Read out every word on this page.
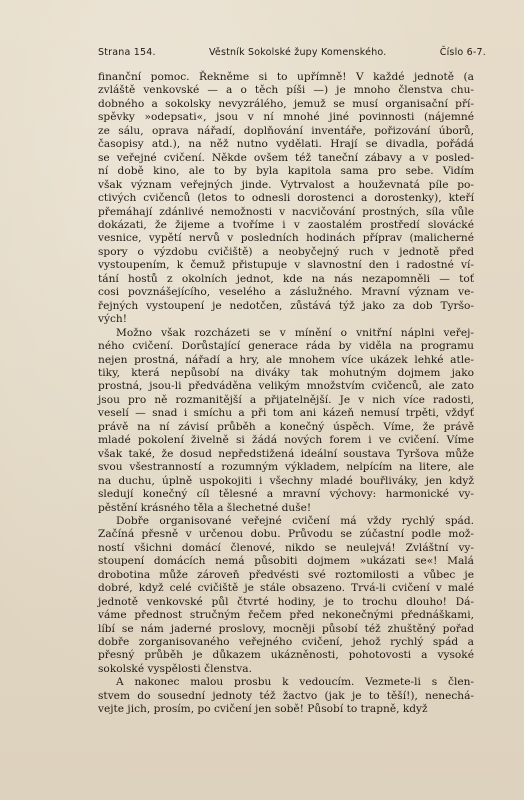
Strana 154.	Věstník Sokolské župy Komenského.	Číslo 6-7.

finanční pomoc. Řekněme si to upřímně! V každé jednotě (a
zvláště venkovské — a o těch píši —) je mnoho členstva chu-
dobného a sokolsky nevyzrálého, jemuž se musí organisační pří-
spěvky »odepsati«, jsou v ní mnohé jiné povinnosti (nájemné
ze sálu, oprava nářadí, doplňování inventáře, pořizování úborů,
časopisy atd.), na něž nutno vydělati. Hrají se divadla, pořádá
se veřejné cvičení. Někde ovšem též taneční zábavy a v posled-
ní době kino, ale to by byla kapitola sama pro sebe. Vidím
však význam veřejných jinde. Vytrvalost a houževnatá píle po-
ctivých cvičenců (letos to odnesli dorostenci a dorostenky), kteří
přemáhají zdánlivé nemožnosti v nacvičování prostných, síla vůle
dokázati, že žijeme a tvoříme i v zaostalém prostředí slovácké
vesnice, vypětí nervů v posledních hodinách příprav (malicherné
spory o výzdobu cvičiště) a neobyčejný ruch v jednotě před
vystoupením, k čemuž přistupuje v slavnostní den i radostné ví-
tání hostů z okolních jednot, kde na nás nezapomněli — toť
cosi povznášejícího, veselého a záslužného. Mravní význam ve-
řejných vystoupení je nedotčen, zůstává týž jako za dob Tyršo-
vých!

Možno však rozcházeti se v mínění o vnitřní náplni veřej-
ného cvičení. Dorůstající generace ráda by viděla na programu
nejen prostná, nářadí a hry, ale mnohem více ukázek lehké atle-
tiky, která nepůsobí na diváky tak mohutným dojmem jako
prostná, jsou-li předváděna velikým množstvím cvičenců, ale zato
jsou pro ně rozmanitější a přijatelnější. Je v nich více radosti,
veselí — snad i smíchu a při tom ani kázeň nemusí trpěti, vždyť
právě na ní závisí průběh a konečný úspěch. Víme, že právě
mladé pokolení živelně si žádá nových forem i ve cvičení. Víme
však také, že dosud nepředstižená ideální soustava Tyršova může
svou všestranností a rozumným výkladem, nelpícím na litere, ale
na duchu, úplně uspokojiti i všechny mladé bouřliváky, jen když
sledují konečný cíl tělesné a mravní výchovy: harmonické vy-
pěstění krásného těla a šlechetné duše!

Dobře organisované veřejné cvičení má vždy rychlý spád.
Začíná přesně v určenou dobu. Průvodu se zúčastní podle mož-
ností všichni domácí členové, nikdo se neulejvá! Zvláštní vy-
stoupení domácích nemá působiti dojmem »ukázati se«! Malá
drobotina může zároveň předvésti své roztomilosti a vůbec je
dobré, když celé cvičiště je stále obsazeno. Trvá-li cvičení v malé
jednotě venkovské půl čtvrté hodiny, je to trochu dlouho! Dá-
váme přednost stručným řečem před nekonečnými přednáškami,
líbí se nám jaderné proslovy, mocněji působí též zhuštěný pořad
dobře zorganisovaného veřejného cvičení, jehož rychlý spád a
přesný průběh je důkazem ukázněnosti, pohotovosti a vysoké
sokolské vyspělosti členstva.

A nakonec malou prosbu k vedoucím. Vezmete-li s člen-
stvem do sousední jednoty též žactvo (jak je to těší!), nenechá-
vejte jich, prosím, po cvičení jen sobě! Působí to trapně, když
